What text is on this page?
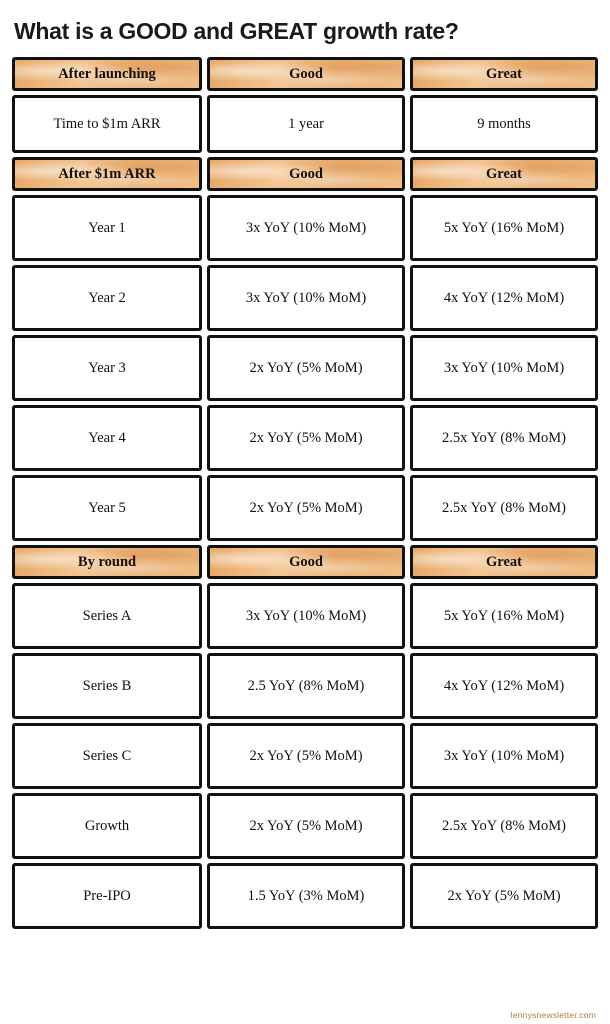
What is a GOOD and GREAT growth rate?
After launching	Good	Great
Time to $1m ARR	1 year	9 months
After $1m ARR	Good	Great
Year 1	3x YoY (10% MoM)	5x YoY (16% MoM)
Year 2	3x YoY (10% MoM)	4x YoY (12% MoM)
Year 3	2x YoY (5% MoM)	3x YoY (10% MoM)
Year 4	2x YoY (5% MoM)	2.5x YoY (8% MoM)
Year 5	2x YoY (5% MoM)	2.5x YoY (8% MoM)
By round	Good	Great
Series A	3x YoY (10% MoM)	5x YoY (16% MoM)
Series B	2.5 YoY (8% MoM)	4x YoY (12% MoM)
Series C	2x YoY (5% MoM)	3x YoY (10% MoM)
Growth	2x YoY (5% MoM)	2.5x YoY (8% MoM)
Pre-IPO	1.5 YoY (3% MoM)	2x YoY (5% MoM)
lennysnewsletter.com
